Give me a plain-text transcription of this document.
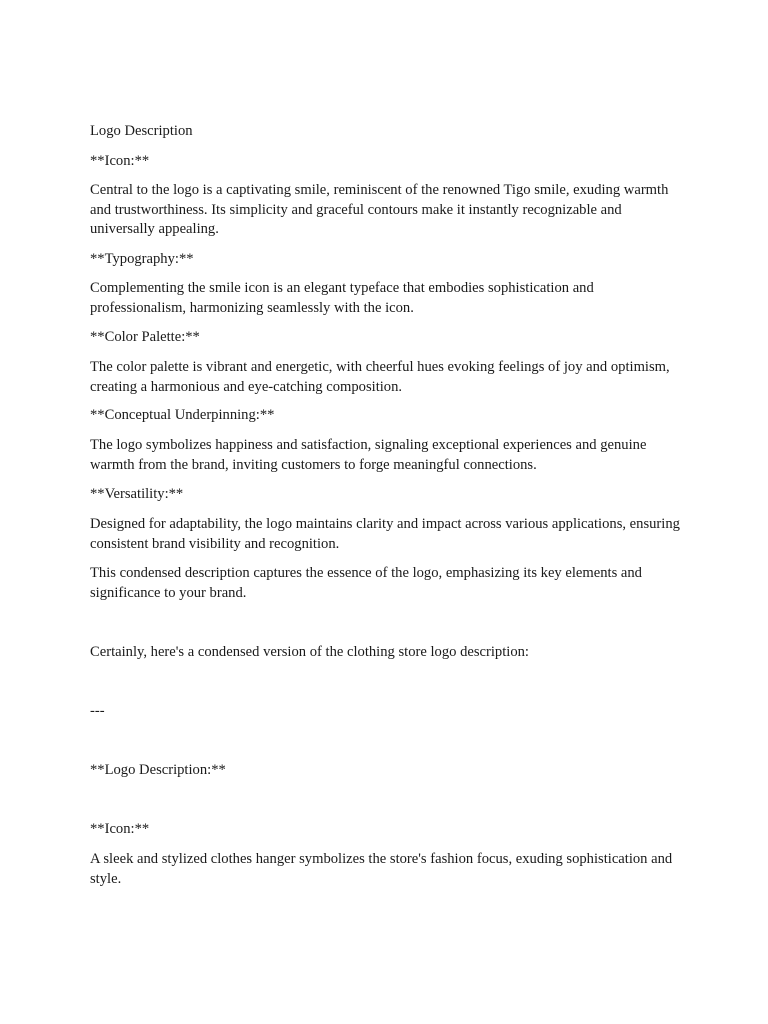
Logo Description

**Icon:**

Central to the logo is a captivating smile, reminiscent of the renowned Tigo smile, exuding warmth and trustworthiness. Its simplicity and graceful contours make it instantly recognizable and universally appealing.

**Typography:**

Complementing the smile icon is an elegant typeface that embodies sophistication and professionalism, harmonizing seamlessly with the icon.

**Color Palette:**

The color palette is vibrant and energetic, with cheerful hues evoking feelings of joy and optimism, creating a harmonious and eye-catching composition.

**Conceptual Underpinning:**

The logo symbolizes happiness and satisfaction, signaling exceptional experiences and genuine warmth from the brand, inviting customers to forge meaningful connections.

**Versatility:**

Designed for adaptability, the logo maintains clarity and impact across various applications, ensuring consistent brand visibility and recognition.

This condensed description captures the essence of the logo, emphasizing its key elements and significance to your brand.

Certainly, here's a condensed version of the clothing store logo description:

---

**Logo Description:**

**Icon:**

A sleek and stylized clothes hanger symbolizes the store's fashion focus, exuding sophistication and style.
